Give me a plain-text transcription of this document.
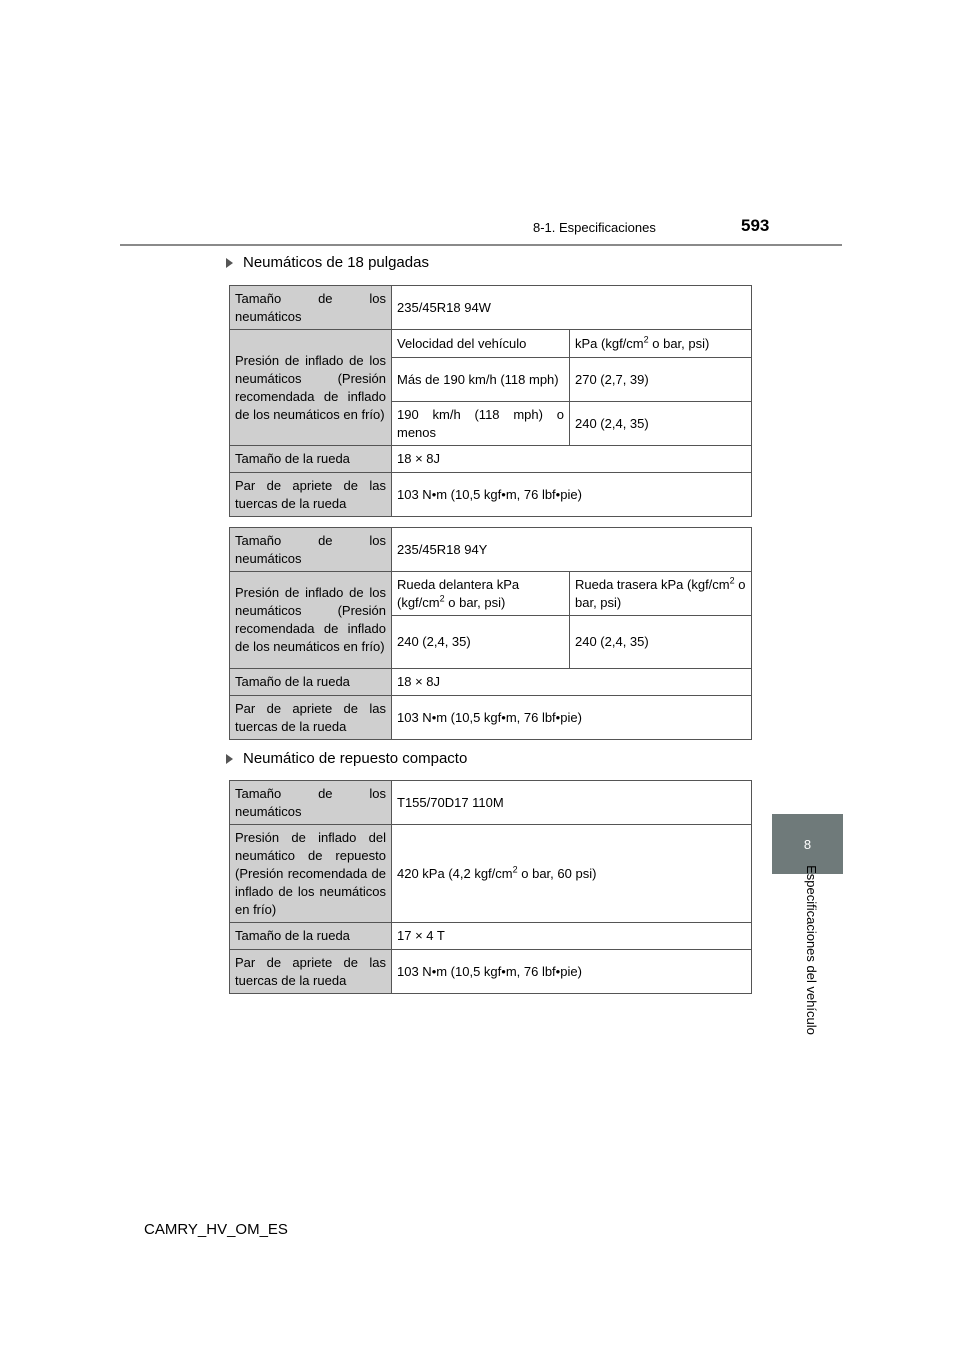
8-1. Especificaciones	593
8
Especificaciones del vehículo
Neumáticos de 18 pulgadas
Tamaño de los neumáticos	235/45R18 94W	
Presión de inflado de los neumáticos (Presión recomendada de inflado de los neumáticos en frío)	Velocidad del vehículo	kPa ($kgf/cm^2$ o bar, psi)
	Más de 190 km/h (118 mph)	270 (2,7, 39)
	190 km/h (118 mph) o menos	240 (2,4, 35)
Tamaño de la rueda	18 × 8J	
Par de apriete de las tuercas de la rueda	103 N•m (10,5 kgf•m, 76 lbf•pie)	
Tamaño de los neumáticos	235/45R18 94Y	
Presión de inflado de los neumáticos (Presión recomendada de inflado de los neumáticos en frío)	Rueda delantera kPa ($kgf/cm^2$ o bar, psi)	Rueda trasera kPa ($kgf/cm^2$ o bar, psi)
	240 (2,4, 35)	240 (2,4, 35)
Tamaño de la rueda	18 × 8J	
Par de apriete de las tuercas de la rueda	103 N•m (10,5 kgf•m, 76 lbf•pie)	
Neumático de repuesto compacto
Tamaño de los neumáticos	T155/70D17 110M
Presión de inflado del neumático de repuesto (Presión recomendada de inflado de los neumáticos en frío)	420 kPa (4,2 kgf/$cm^2$ o bar, 60 psi)
Tamaño de la rueda	17 × 4 T
Par de apriete de las tuercas de la rueda	103 N•m (10,5 kgf•m, 76 lbf•pie)
CAMRY_HV_OM_ES
